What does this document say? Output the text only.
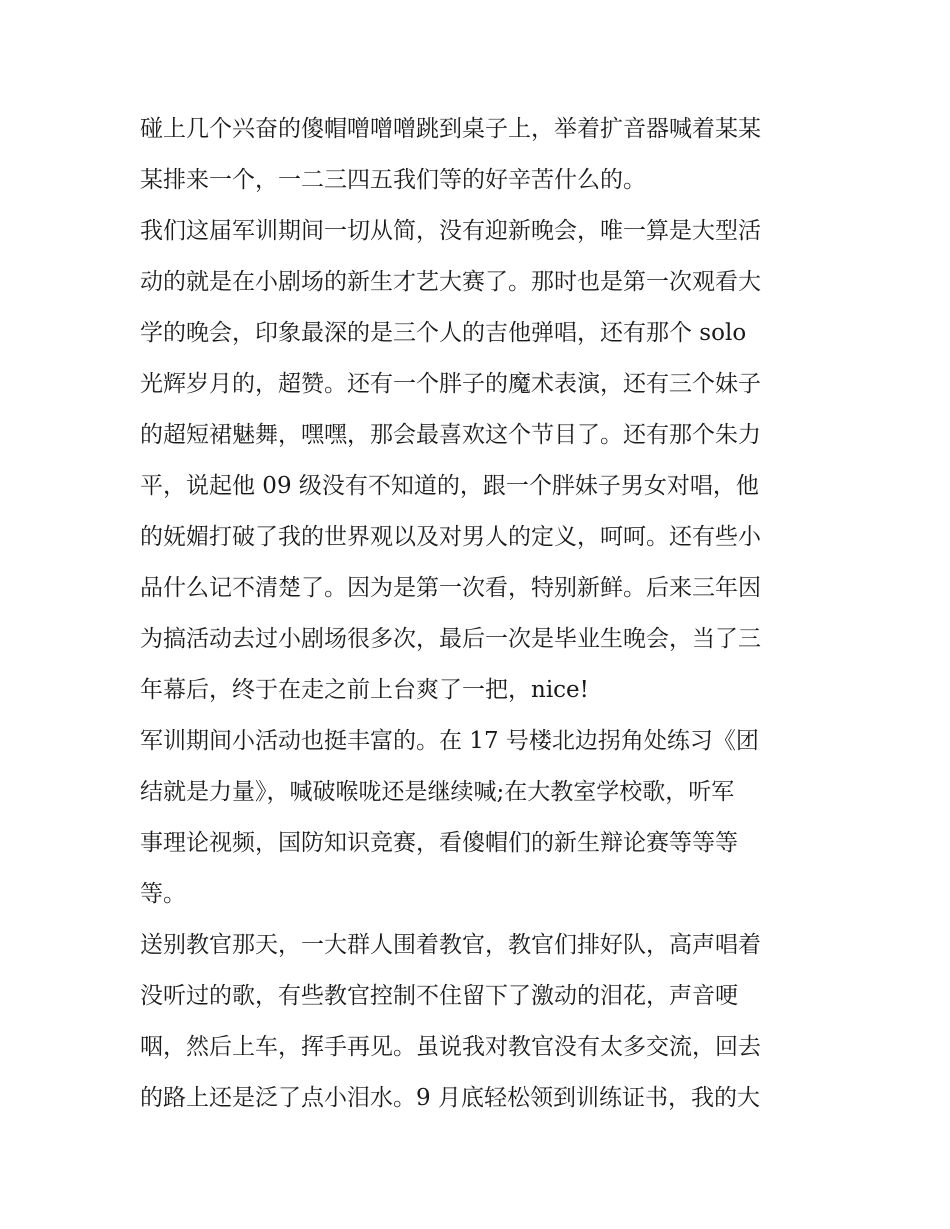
碰上几个兴奋的傻帽噌噌噌跳到桌子上，举着扩音器喊着某某
某排来一个，一二三四五我们等的好辛苦什么的。
我们这届军训期间一切从简，没有迎新晚会，唯一算是大型活
动的就是在小剧场的新生才艺大赛了。那时也是第一次观看大
学的晚会，印象最深的是三个人的吉他弹唱，还有那个 solo
光辉岁月的，超赞。还有一个胖子的魔术表演，还有三个妹子
的超短裙魅舞，嘿嘿，那会最喜欢这个节目了。还有那个朱力
平，说起他 09 级没有不知道的，跟一个胖妹子男女对唱，他
的妩媚打破了我的世界观以及对男人的定义，呵呵。还有些小
品什么记不清楚了。因为是第一次看，特别新鲜。后来三年因
为搞活动去过小剧场很多次，最后一次是毕业生晚会，当了三
年幕后，终于在走之前上台爽了一把，nice!
军训期间小活动也挺丰富的。在 17 号楼北边拐角处练习《团
结就是力量》，喊破喉咙还是继续喊;在大教室学校歌，听军
事理论视频，国防知识竞赛，看傻帽们的新生辩论赛等等等
等。
送别教官那天，一大群人围着教官，教官们排好队，高声唱着
没听过的歌，有些教官控制不住留下了激动的泪花，声音哽
咽，然后上车，挥手再见。虽说我对教官没有太多交流，回去
的路上还是泛了点小泪水。9 月底轻松领到训练证书，我的大
